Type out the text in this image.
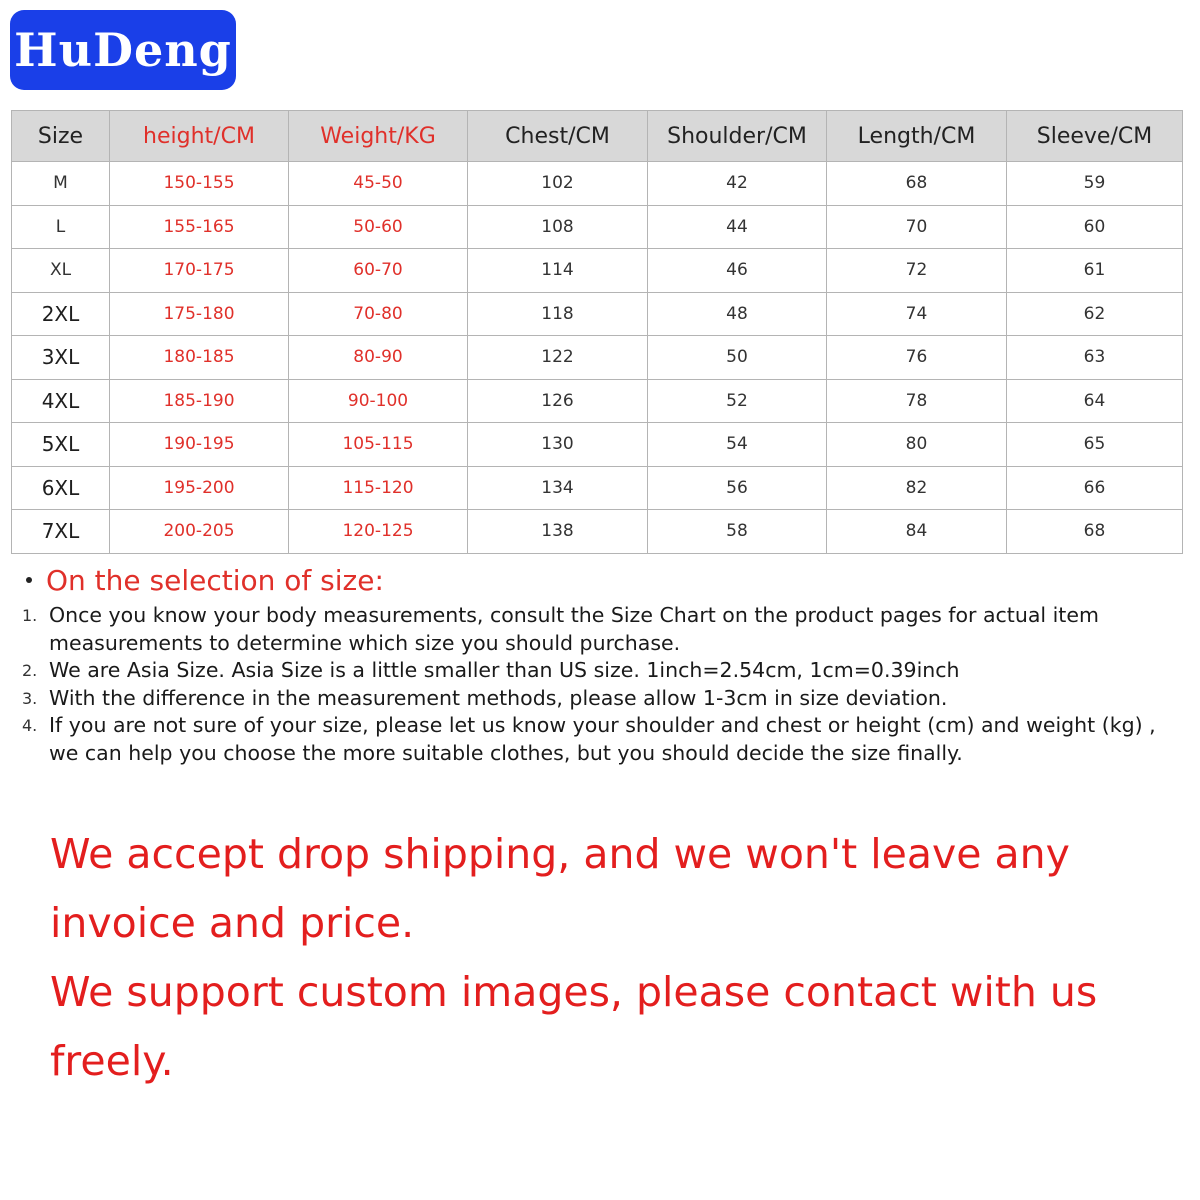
HuDeng
Size	height/CM	Weight/KG	Chest/CM	Shoulder/CM	Length/CM	Sleeve/CM
M	150-155	45-50	102	42	68	59
L	155-165	50-60	108	44	70	60
XL	170-175	60-70	114	46	72	61
2XL	175-180	70-80	118	48	74	62
3XL	180-185	80-90	122	50	76	63
4XL	185-190	90-100	126	52	78	64
5XL	190-195	105-115	130	54	80	65
6XL	195-200	115-120	134	56	82	66
7XL	200-205	120-125	138	58	84	68
On the selection of size:
1. Once you know your body measurements, consult the Size Chart on the product pages for actual item measurements to determine which size you should purchase.
2. We are Asia Size. Asia Size is a little smaller than US size. 1inch=2.54cm, 1cm=0.39inch
3. With the difference in the measurement methods, please allow 1-3cm in size deviation.
4. If you are not sure of your size, please let us know your shoulder and chest or height (cm) and weight (kg) , we can help you choose the more suitable clothes, but you should decide the size finally.

We accept drop shipping, and we won't leave any invoice and price.

We support custom images, please contact with us freely.
